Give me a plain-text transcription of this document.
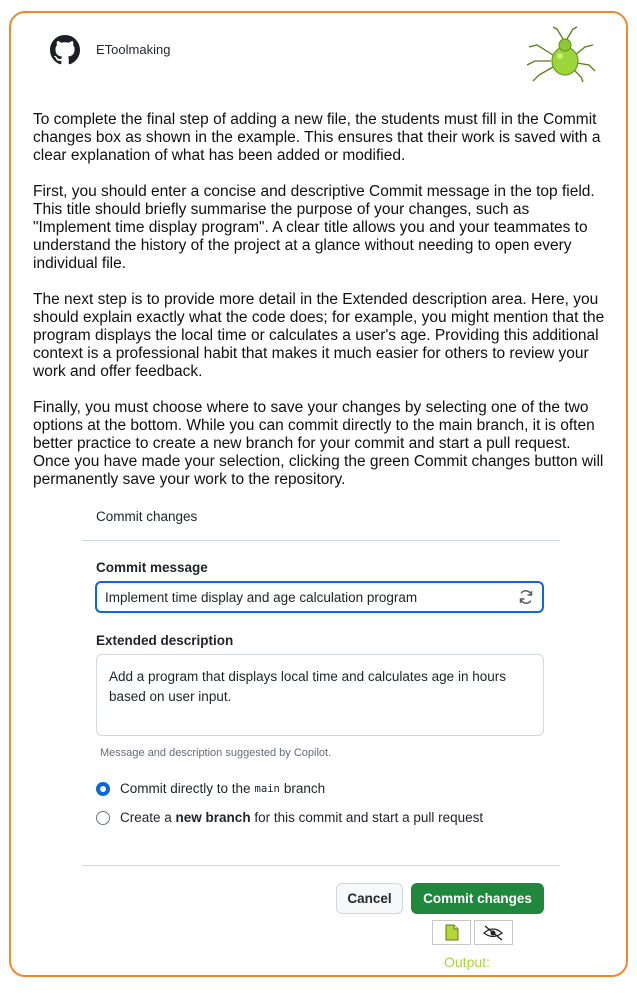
EToolmaking

To complete the final step of adding a new file, the students must fill in the Commit changes box as shown in the example. This ensures that their work is saved with a clear explanation of what has been added or modified.

First, you should enter a concise and descriptive Commit message in the top field. This title should briefly summarise the purpose of your changes, such as "Implement time display program". A clear title allows you and your teammates to understand the history of the project at a glance without needing to open every individual file.

The next step is to provide more detail in the Extended description area. Here, you should explain exactly what the code does; for example, you might mention that the program displays the local time or calculates a user's age. Providing this additional context is a professional habit that makes it much easier for others to review your work and offer feedback.

Finally, you must choose where to save your changes by selecting one of the two options at the bottom. While you can commit directly to the main branch, it is often better practice to create a new branch for your commit and start a pull request. Once you have made your selection, clicking the green Commit changes button will permanently save your work to the repository.

Commit changes
Commit message
Implement time display and age calculation program
Extended description
Add a program that displays local time and calculates age in hours based on user input.
Message and description suggested by Copilot.
Commit directly to the main branch
Create a
new branch
for this commit and start a pull request
Cancel	Commit changes
Output:
